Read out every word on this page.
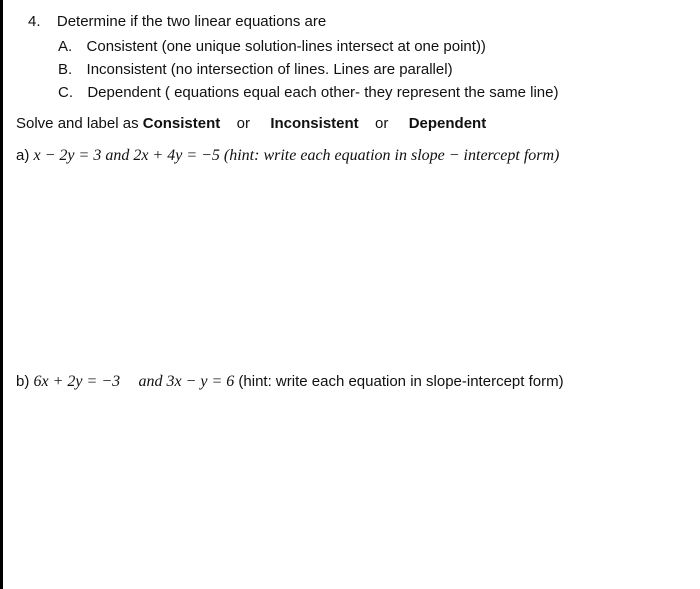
4. Determine if the two linear equations are
A. Consistent (one unique solution-lines intersect at one point))
B. Inconsistent (no intersection of lines. Lines are parallel)
C. Dependent ( equations equal each other- they represent the same line)
Solve and label as Consistent or Inconsistent or Dependent
a) x − 2y = 3 and 2x + 4y = −5 (hint: write each equation in slope − intercept form)
b) 6x + 2y = −3 and 3x − y = 6 (hint: write each equation in slope-intercept form)
